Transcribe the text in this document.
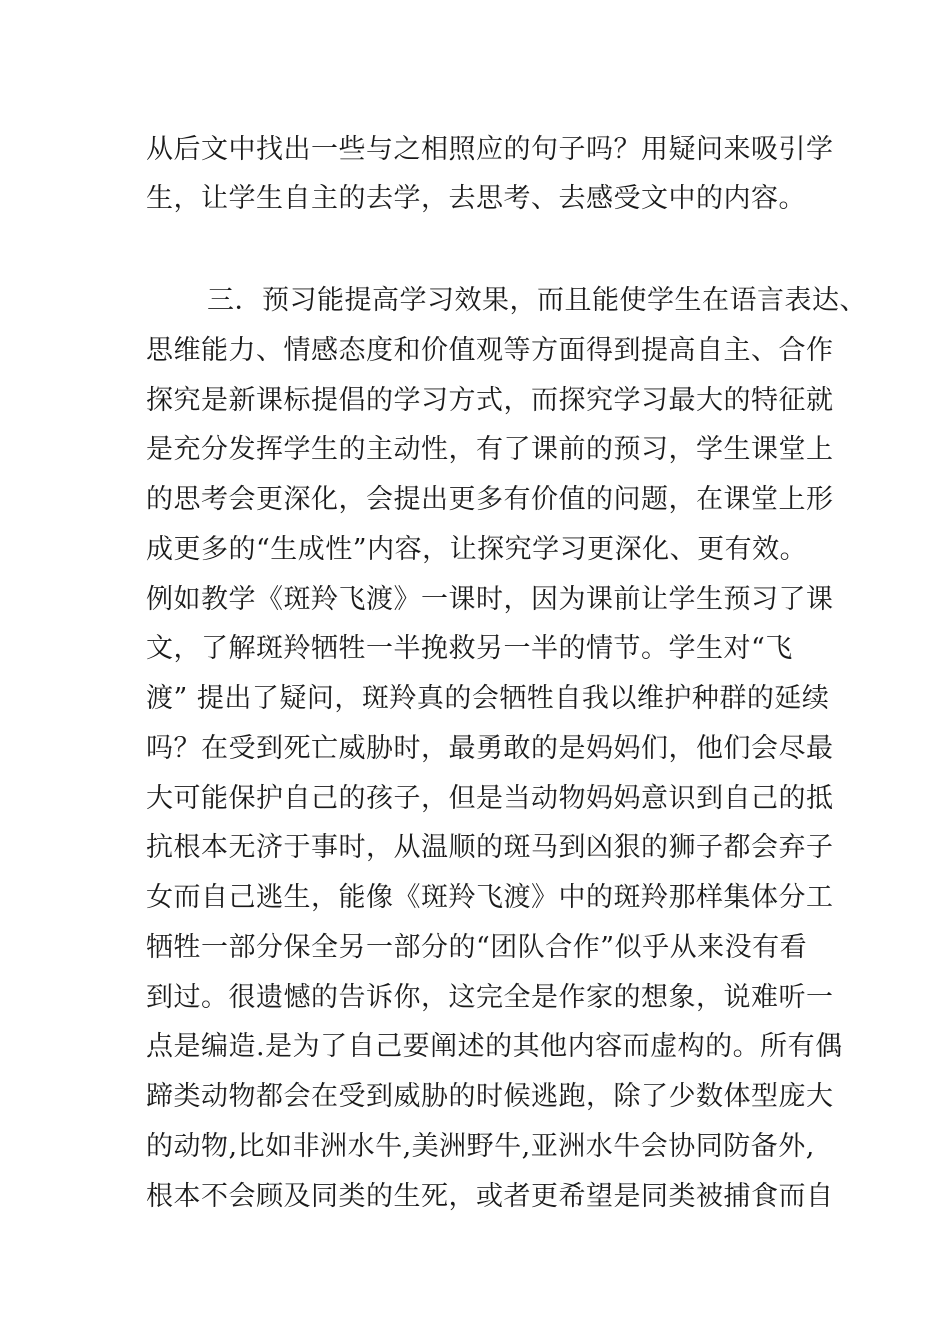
从后文中找出一些与之相照应的句子吗？用疑问来吸引学
生，让学生自主的去学，去思考、去感受文中的内容。
三．预习能提高学习效果，而且能使学生在语言表达、
思维能力、情感态度和价值观等方面得到提高自主、合作
探究是新课标提倡的学习方式，而探究学习最大的特征就
是充分发挥学生的主动性，有了课前的预习，学生课堂上
的思考会更深化，会提出更多有价值的问题，在课堂上形
成更多的“生成性”内容，让探究学习更深化、更有效。
例如教学《斑羚飞渡》一课时，因为课前让学生预习了课
文，了解斑羚牺牲一半挽救另一半的情节。学生对“飞
渡” 提出了疑问，斑羚真的会牺牲自我以维护种群的延续
吗？在受到死亡威胁时，最勇敢的是妈妈们，他们会尽最
大可能保护自己的孩子，但是当动物妈妈意识到自己的抵
抗根本无济于事时，从温顺的斑马到凶狠的狮子都会弃子
女而自己逃生，能像《斑羚飞渡》中的斑羚那样集体分工
牺牲一部分保全另一部分的“团队合作”似乎从来没有看
到过。很遗憾的告诉你，这完全是作家的想象，说难听一
点是编造.是为了自己要阐述的其他内容而虚构的。所有偶
蹄类动物都会在受到威胁的时候逃跑，除了少数体型庞大
的动物,比如非洲水牛,美洲野牛,亚洲水牛会协同防备外,
根本不会顾及同类的生死，或者更希望是同类被捕食而自
